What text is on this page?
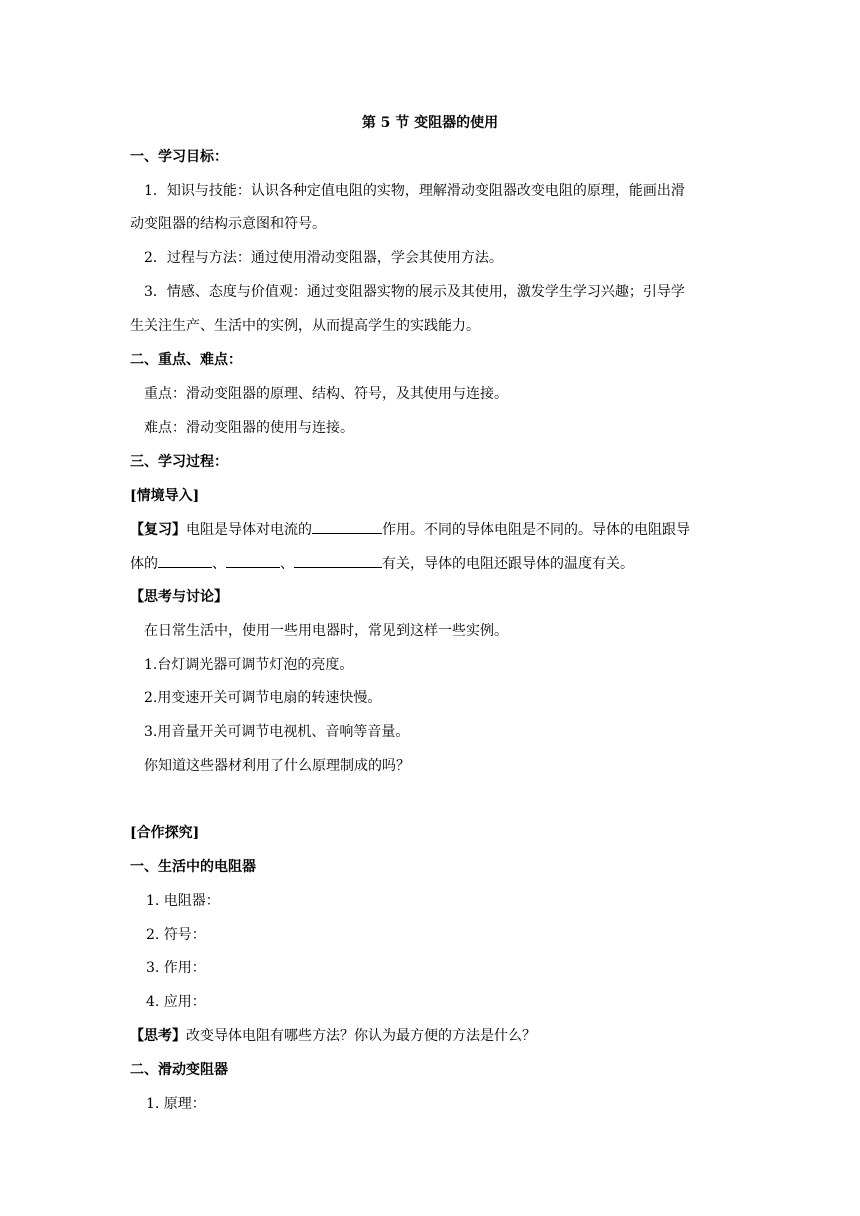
第 5 节 变阻器的使用
一、学习目标：
1．知识与技能：认识各种定值电阻的实物，理解滑动变阻器改变电阻的原理，能画出滑
动变阻器的结构示意图和符号。
2．过程与方法：通过使用滑动变阻器，学会其使用方法。
3．情感、态度与价值观：通过变阻器实物的展示及其使用，激发学生学习兴趣；引导学
生关注生产、生活中的实例，从而提高学生的实践能力。
二、重点、难点：
重点：滑动变阻器的原理、结构、符号，及其使用与连接。
难点：滑动变阻器的使用与连接。
三、学习过程：
[情境导入]
【复习】电阻是导体对电流的	作用。不同的导体电阻是不同的。导体的电阻跟导
体的	、	、	有关，导体的电阻还跟导体的温度有关。
【思考与讨论】
在日常生活中，使用一些用电器时，常见到这样一些实例。
1.台灯调光器可调节灯泡的亮度。
2.用变速开关可调节电扇的转速快慢。
3.用音量开关可调节电视机、音响等音量。
你知道这些器材利用了什么原理制成的吗？
[合作探究]
一、生活中的电阻器
1. 电阻器：
2. 符号：
3. 作用：
4. 应用：
【思考】改变导体电阻有哪些方法？你认为最方便的方法是什么？
二、滑动变阻器
1. 原理：
